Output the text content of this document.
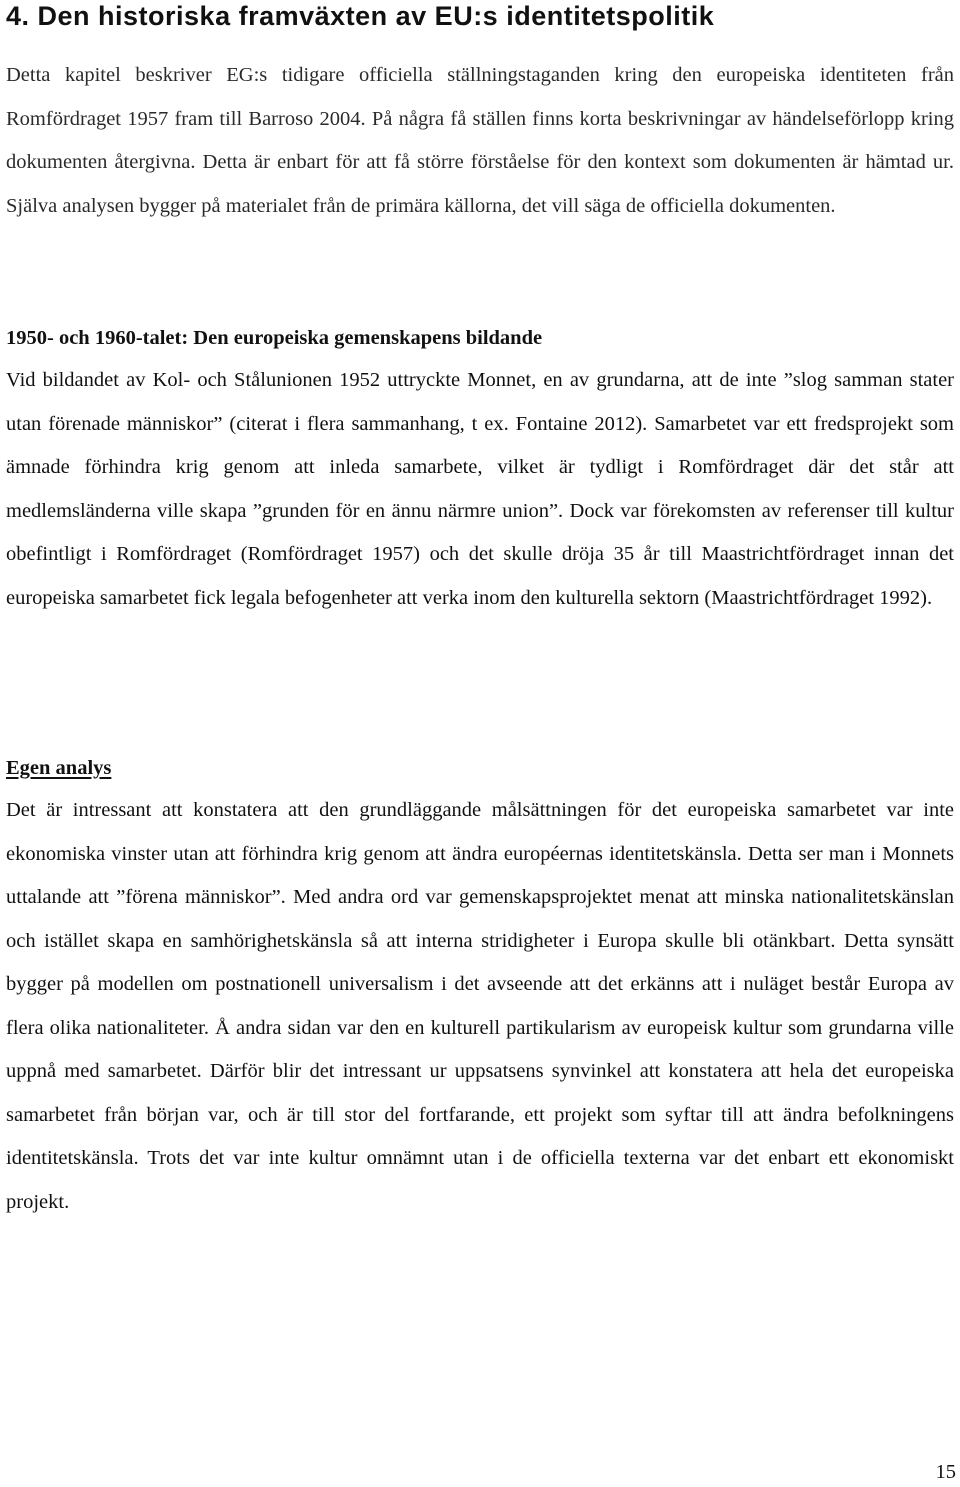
4. Den historiska framväxten av EU:s identitetspolitik

Detta kapitel beskriver EG:s tidigare officiella ställningstaganden kring den europeiska identiteten från Romfördraget 1957 fram till Barroso 2004. På några få ställen finns korta beskrivningar av händelseförlopp kring dokumenten återgivna. Detta är enbart för att få större förståelse för den kontext som dokumenten är hämtad ur. Själva analysen bygger på materialet från de primära källorna, det vill säga de officiella dokumenten.

1950- och 1960-talet: Den europeiska gemenskapens bildande

Vid bildandet av Kol- och Stålunionen 1952 uttryckte Monnet, en av grundarna, att de inte ”slog samman stater utan förenade människor” (citerat i flera sammanhang, t ex. Fontaine 2012). Samarbetet var ett fredsprojekt som ämnade förhindra krig genom att inleda samarbete, vilket är tydligt i Romfördraget där det står att medlemsländerna ville skapa ”grunden för en ännu närmre union”. Dock var förekomsten av referenser till kultur obefintligt i Romfördraget (Romfördraget 1957) och det skulle dröja 35 år till Maastrichtfördraget innan det europeiska samarbetet fick legala befogenheter att verka inom den kulturella sektorn (Maastrichtfördraget 1992).

Egen analys

Det är intressant att konstatera att den grundläggande målsättningen för det europeiska samarbetet var inte ekonomiska vinster utan att förhindra krig genom att ändra européernas identitetskänsla. Detta ser man i Monnets uttalande att ”förena människor”. Med andra ord var gemenskapsprojektet menat att minska nationalitetskänslan och istället skapa en samhörighetskänsla så att interna stridigheter i Europa skulle bli otänkbart. Detta synsätt bygger på modellen om postnationell universalism i det avseende att det erkänns att i nuläget består Europa av flera olika nationaliteter. Å andra sidan var den en kulturell partikularism av europeisk kultur som grundarna ville uppnå med samarbetet. Därför blir det intressant ur uppsatsens synvinkel att konstatera att hela det europeiska samarbetet från början var, och är till stor del fortfarande, ett projekt som syftar till att ändra befolkningens identitetskänsla. Trots det var inte kultur omnämnt utan i de officiella texterna var det enbart ett ekonomiskt projekt.

15
